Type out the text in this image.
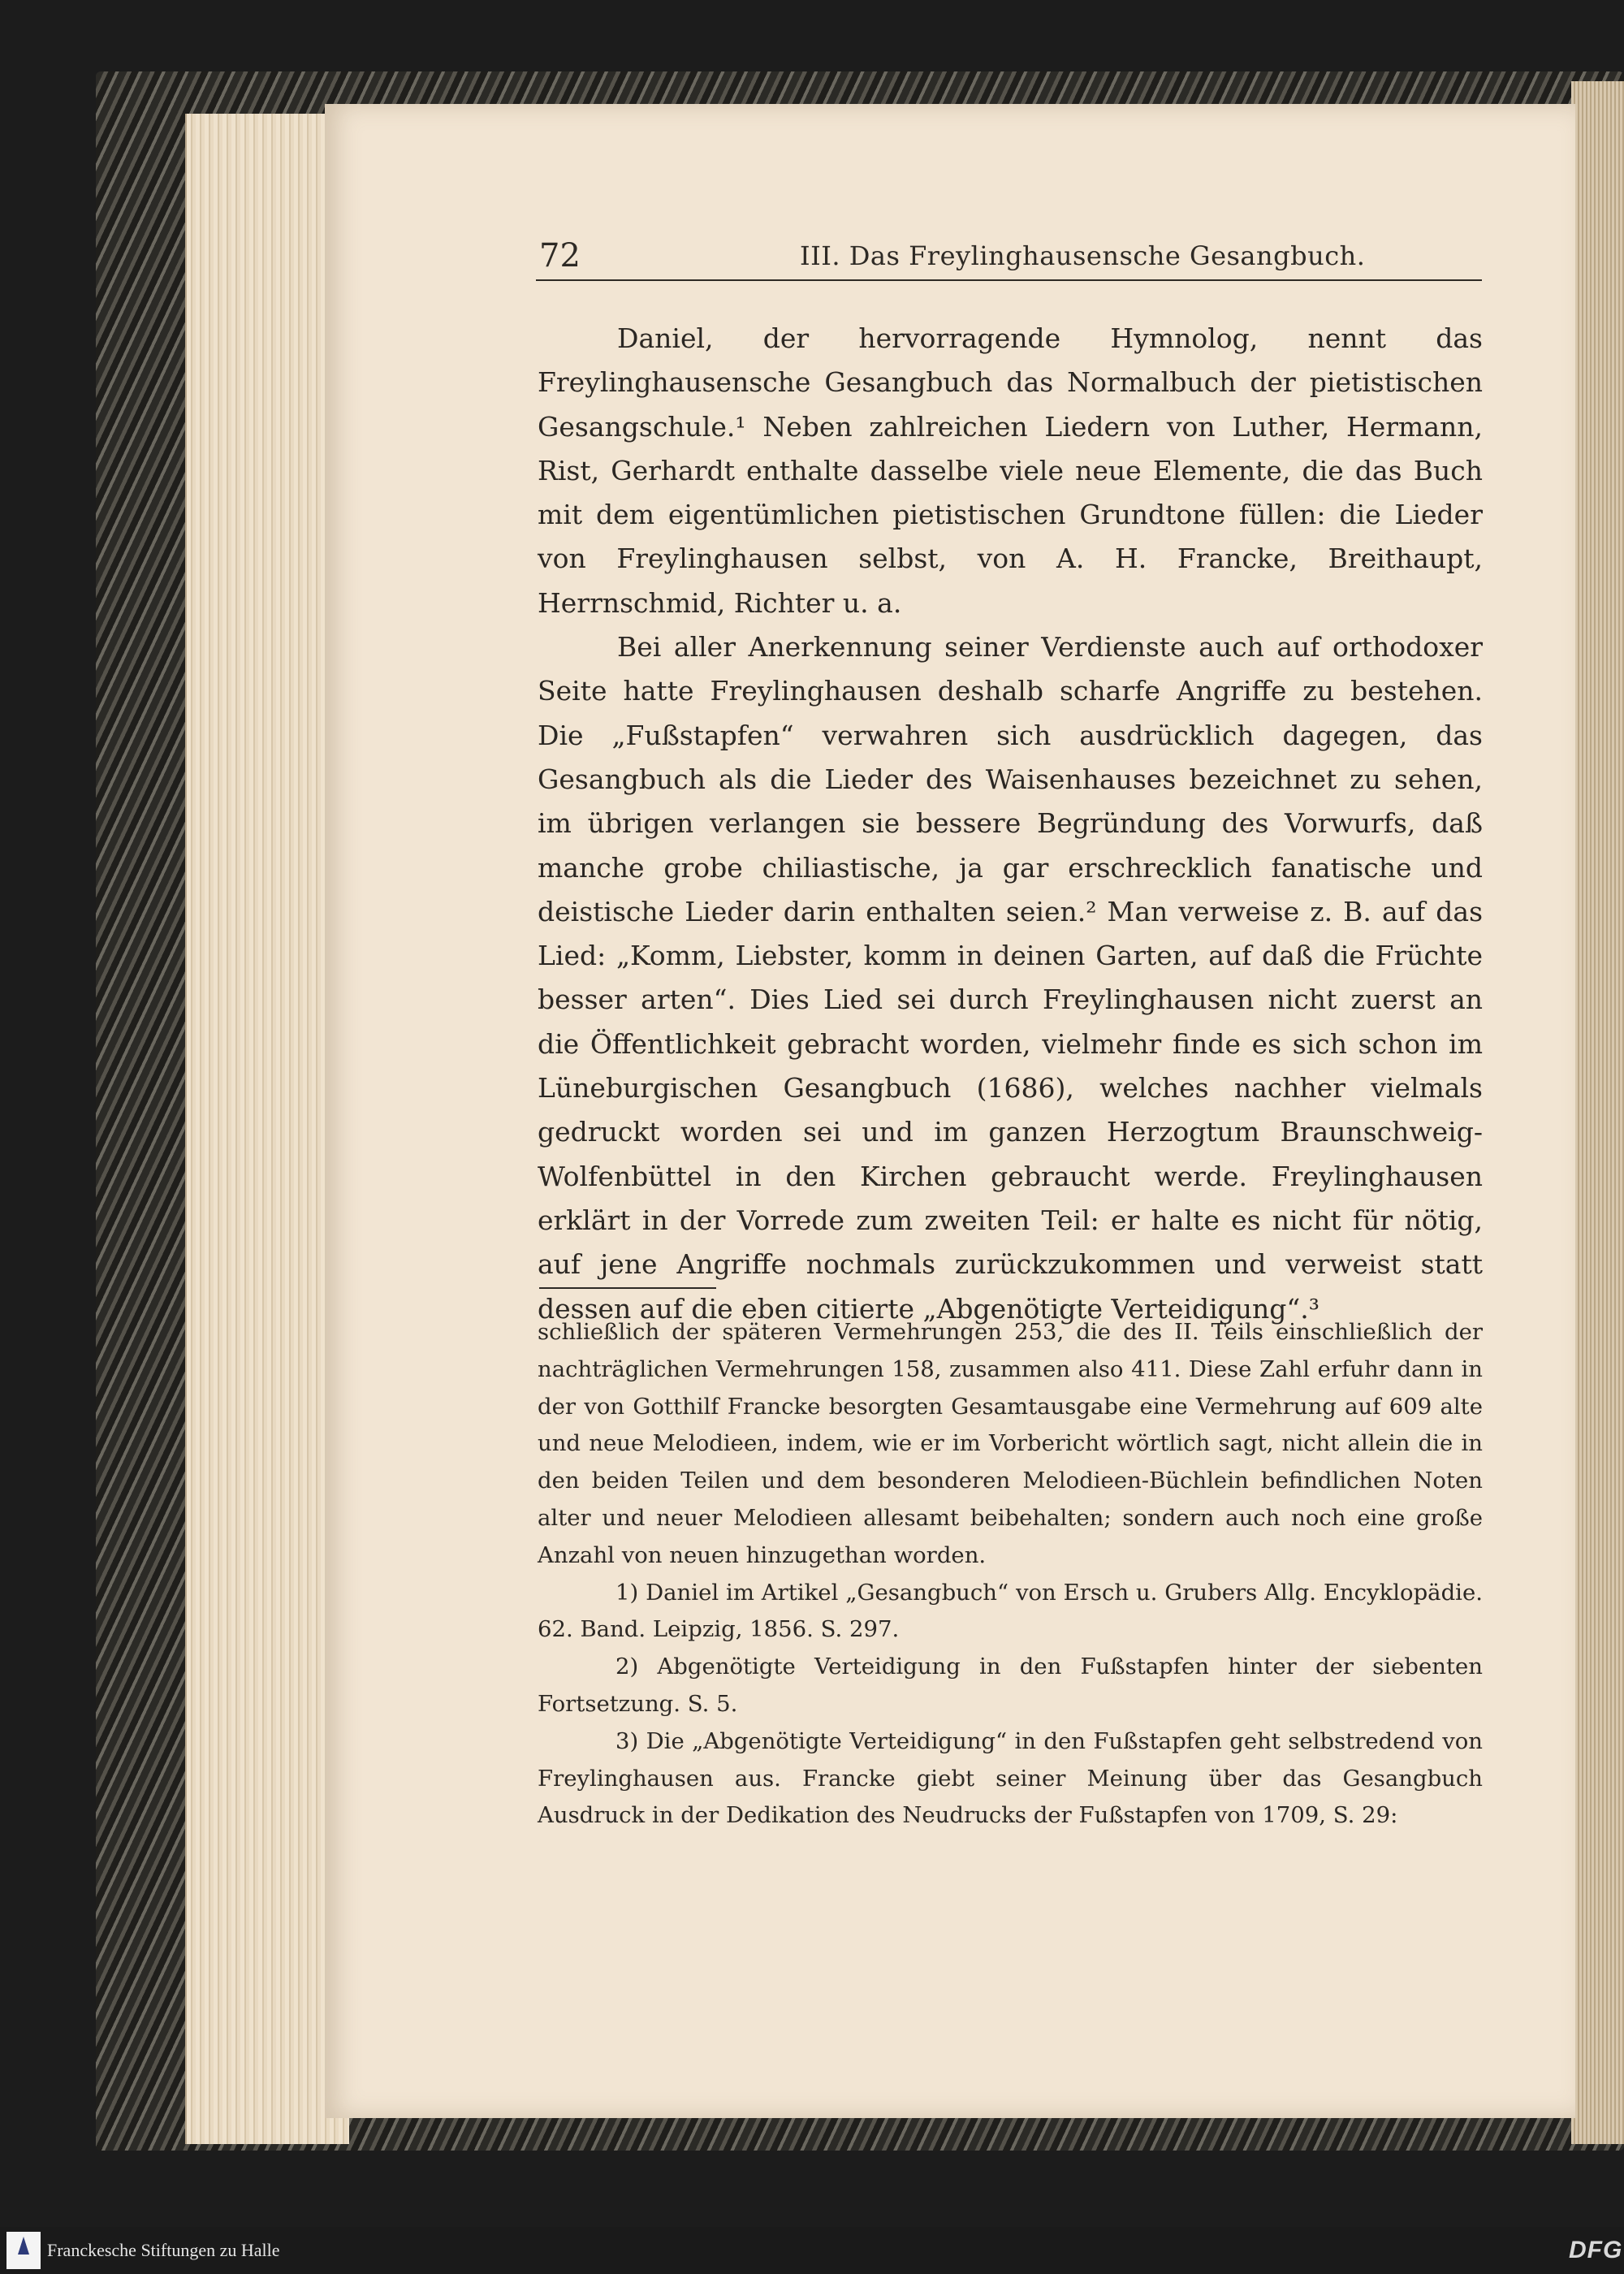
72	III. Das Freylinghausensche Gesangbuch.

Daniel, der hervorragende Hymnolog, nennt das Freylinghausensche Gesangbuch das Normalbuch der pietistischen Gesangschule.¹ Neben zahlreichen Liedern von Luther, Hermann, Rist, Gerhardt enthalte dasselbe viele neue Elemente, die das Buch mit dem eigentümlichen pietistischen Grundtone füllen: die Lieder von Freylinghausen selbst, von A. H. Francke, Breithaupt, Herrnschmid, Richter u. a.

Bei aller Anerkennung seiner Verdienste auch auf orthodoxer Seite hatte Freylinghausen deshalb scharfe Angriffe zu bestehen. Die „Fußstapfen“ verwahren sich ausdrücklich dagegen, das Gesangbuch als die Lieder des Waisenhauses bezeichnet zu sehen, im übrigen verlangen sie bessere Begründung des Vorwurfs, daß manche grobe chiliastische, ja gar erschrecklich fanatische und deistische Lieder darin enthalten seien.² Man verweise z. B. auf das Lied: „Komm, Liebster, komm in deinen Garten, auf daß die Früchte besser arten“. Dies Lied sei durch Freylinghausen nicht zuerst an die Öffentlichkeit gebracht worden, vielmehr finde es sich schon im Lüneburgischen Gesangbuch (1686), welches nachher vielmals gedruckt worden sei und im ganzen Herzogtum Braunschweig-Wolfenbüttel in den Kirchen gebraucht werde. Freylinghausen erklärt in der Vorrede zum zweiten Teil: er halte es nicht für nötig, auf jene Angriffe nochmals zurückzukommen und verweist statt dessen auf die eben citierte „Abgenötigte Verteidigung“.³

schließlich der späteren Vermehrungen 253, die des II. Teils einschließlich der nachträglichen Vermehrungen 158, zusammen also 411. Diese Zahl erfuhr dann in der von Gotthilf Francke besorgten Gesamtausgabe eine Vermehrung auf 609 alte und neue Melodieen, indem, wie er im Vorbericht wörtlich sagt, nicht allein die in den beiden Teilen und dem besonderen Melodieen-Büchlein befindlichen Noten alter und neuer Melodieen allesamt beibehalten; sondern auch noch eine große Anzahl von neuen hinzugethan worden.

1) Daniel im Artikel „Gesangbuch“ von Ersch u. Grubers Allg. Encyklopädie. 62. Band. Leipzig, 1856. S. 297.

2) Abgenötigte Verteidigung in den Fußstapfen hinter der siebenten Fortsetzung. S. 5.

3) Die „Abgenötigte Verteidigung“ in den Fußstapfen geht selbstredend von Freylinghausen aus. Francke giebt seiner Meinung über das Gesangbuch Ausdruck in der Dedikation des Neudrucks der Fußstapfen von 1709, S. 29:

Franckesche Stiftungen zu Halle	DFG
